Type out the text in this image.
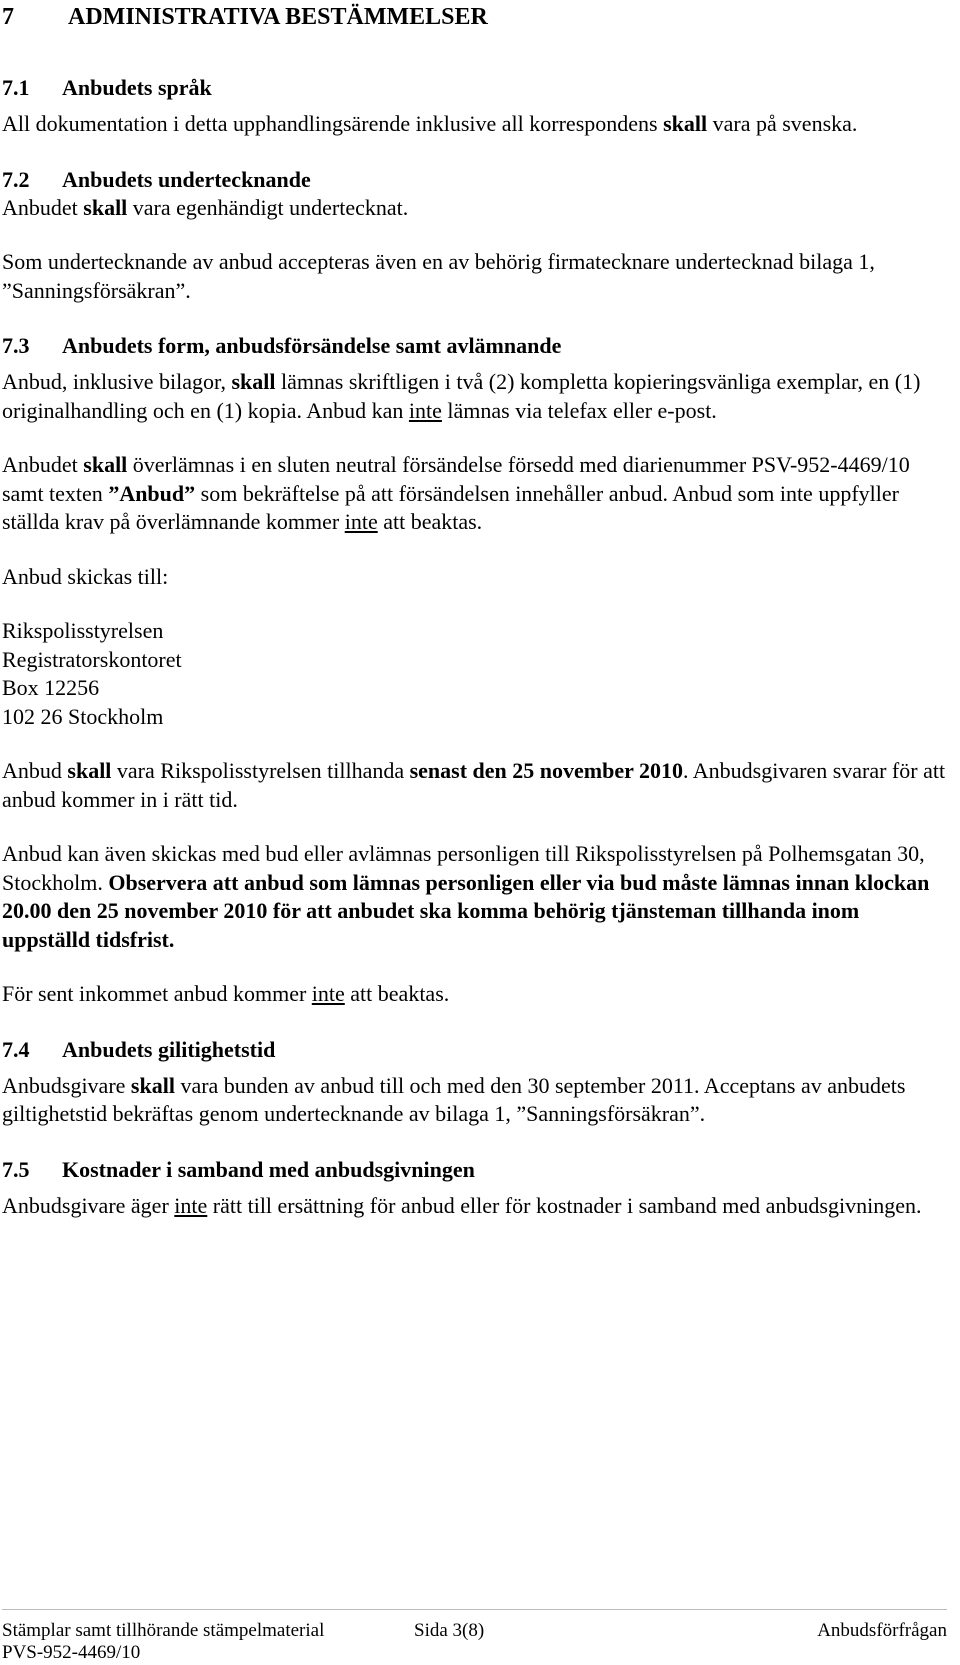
7 ADMINISTRATIVA BESTÄMMELSER
7.1 Anbudets språk

All dokumentation i detta upphandlingsärende inklusive all korrespondens skall vara på svenska.

7.2 Anbudets undertecknande

Anbudet skall vara egenhändigt undertecknat.

Som undertecknande av anbud accepteras även en av behörig firmatecknare undertecknad bilaga 1, ”Sanningsförsäkran”.

7.3 Anbudets form, anbudsförsändelse samt avlämnande

Anbud, inklusive bilagor, skall lämnas skriftligen i två (2) kompletta kopieringsvänliga exemplar, en (1) originalhandling och en (1) kopia. Anbud kan inte lämnas via telefax eller e-post.

Anbudet skall överlämnas i en sluten neutral försändelse försedd med diarienummer PSV-952-4469/10 samt texten ”Anbud” som bekräftelse på att försändelsen innehåller anbud. Anbud som inte uppfyller ställda krav på överlämnande kommer inte att beaktas.

Anbud skickas till:

Rikspolisstyrelsen

Registratorskontoret

Box 12256

102 26 Stockholm

Anbud skall vara Rikspolisstyrelsen tillhanda senast den 25 november 2010. Anbudsgivaren svarar för att anbud kommer in i rätt tid.

Anbud kan även skickas med bud eller avlämnas personligen till Rikspolisstyrelsen på Polhemsgatan 30, Stockholm. Observera att anbud som lämnas personligen eller via bud måste lämnas innan klockan 20.00 den 25 november 2010 för att anbudet ska komma behörig tjänsteman tillhanda inom uppställd tidsfrist.

För sent inkommet anbud kommer inte att beaktas.

7.4 Anbudets gilitighetstid

Anbudsgivare skall vara bunden av anbud till och med den 30 september 2011. Acceptans av anbudets giltighetstid bekräftas genom undertecknande av bilaga 1, ”Sanningsförsäkran”.

7.5 Kostnader i samband med anbudsgivningen

Anbudsgivare äger inte rätt till ersättning för anbud eller för kostnader i samband med anbudsgivningen.

Stämplar samt tillhörande stämpelmaterial	Sida 3(8)	Anbudsförfrågan
PVS-952-4469/10
